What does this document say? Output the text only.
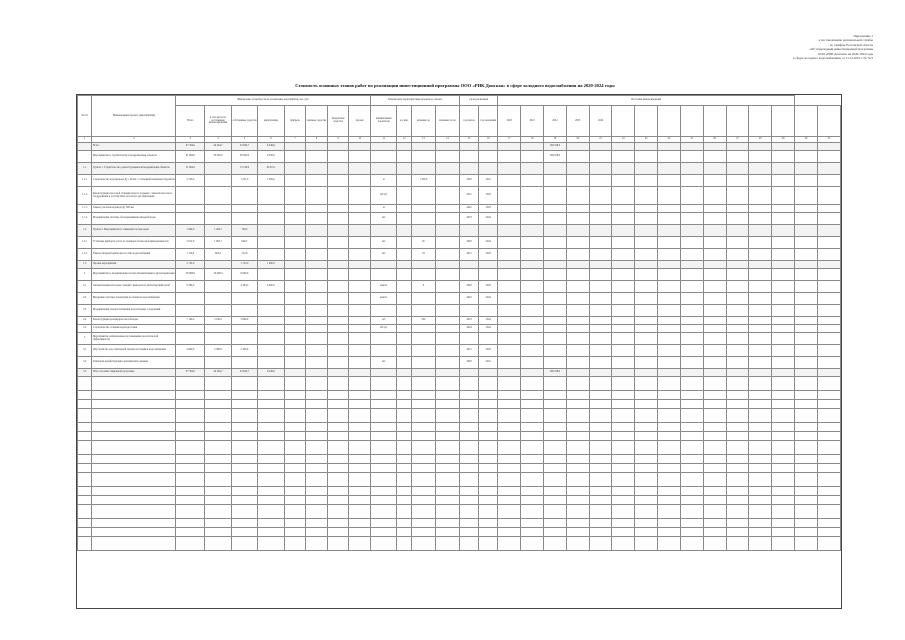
Приложение 1
к постановлению региональной службы
по тарифам Ростовской области
«Об утверждении инвестиционной программы
ООО «РИК Донская» на 2020-2024 годы
в сфере холодного водоснабжения» от 21.12.2019 г. № 74/3
Стоимость основных этапов работ по реализации инвестиционной программы ООО «РИК Донская» в сфере холодного водоснабжения на 2020-2024 годы
№ п/п	Наименование проекта (мероприятия)	Финансовые потребности на реализацию мероприятия, тыс. руб.								Технические характеристики проектного объекта				Срок реализации		Источник финансирования														
		Всего	в том числе по источникам финансирования	собственные средства	амортизация	прибыль	заемные средства	бюджетные средства	прочие	наименование показателя	ед. изм.	значение до	значение после	год начала	год окончания	2020	2021	2022	2023	2024										
1	2	3	4	5	6	7	8	9	10	11	12	13	14	15	16	17	18	19	20	21	22	23	24	25	26	27	28	29	30	31
	Всего	97 364,0	44 264,7	43 649,7	9 449,6													168 186,0												
	Мероприятия по строительству и модернизации объектов	91 900,0	43 000,0	39 450,0	9 450,0													168 186,0												
1.1	Группа 1. Строительство, реконструкция или модернизация объектов	31 964,0		15 148,9	16 815,1																									
1.1.1	Строительство водопровода Ду 110 мм с установкой пожарных гидрантов	2 726,0		1 231,0	1 495,0					м		1 200,0		2020	2021															
1.1.2	Реконструкция насосной станции второго подъема с заменой насосного оборудования и устройством частотного регулирования									м3/сут				2021	2022															
1.1.3	Замена участков водовода Ду 300 мм									м				2022	2023															
1.1.4	Модернизация системы обеззараживания питьевой воды									шт.				2023	2024															
1.2	Группа 2. Мероприятия по снижению потерь воды	1 964,0	1 264,7	700,0																										
1.2.1	Установка приборов учета на границах балансовой принадлежности	2 012,0	1 062,7	949,3						шт.		45		2020	2024															
1.2.2	Замена запорной арматуры на сетях водоснабжения	1 116,0	603,4	512,6						шт.		18		2021	2023															
1.3	Прочие мероприятия	2 752,0		1 752,0	1 000,0																									
2	Мероприятия по модернизации систем автоматизации и диспетчеризации	28 960,0	19 000,0	9 960,0																										
2.1	Автоматизация насосных станций с выводом на диспетчерский пункт	8 364,0		4 364,0	4 000,0					компл.		6		2020	2022															
2.2	Внедрение системы телеметрии на объектах водоснабжения									компл.				2022	2024															
2.3	Модернизация электроснабжения водозаборных сооружений																													
2.4	Реконструкция резервуаров чистой воды	7 146,0	3 250,0	3 896,0						м3		500		2023	2024															
2.5	Строительство станции водоподготовки									м3/сут				2024	2024															
3	Мероприятия, направленные на повышение экологической эффективности																													
3.1	Обустройство зон санитарной охраны источников водоснабжения	4 600,0	2 300,0	2 300,0										2021	2022															
3.2	Тампонаж недействующих артезианских скважин									шт.				2020	2021															
3.3	Итого по инвестиционной программе	97 364,0	44 264,7	43 649,7	9 449,6													168 186,0												
